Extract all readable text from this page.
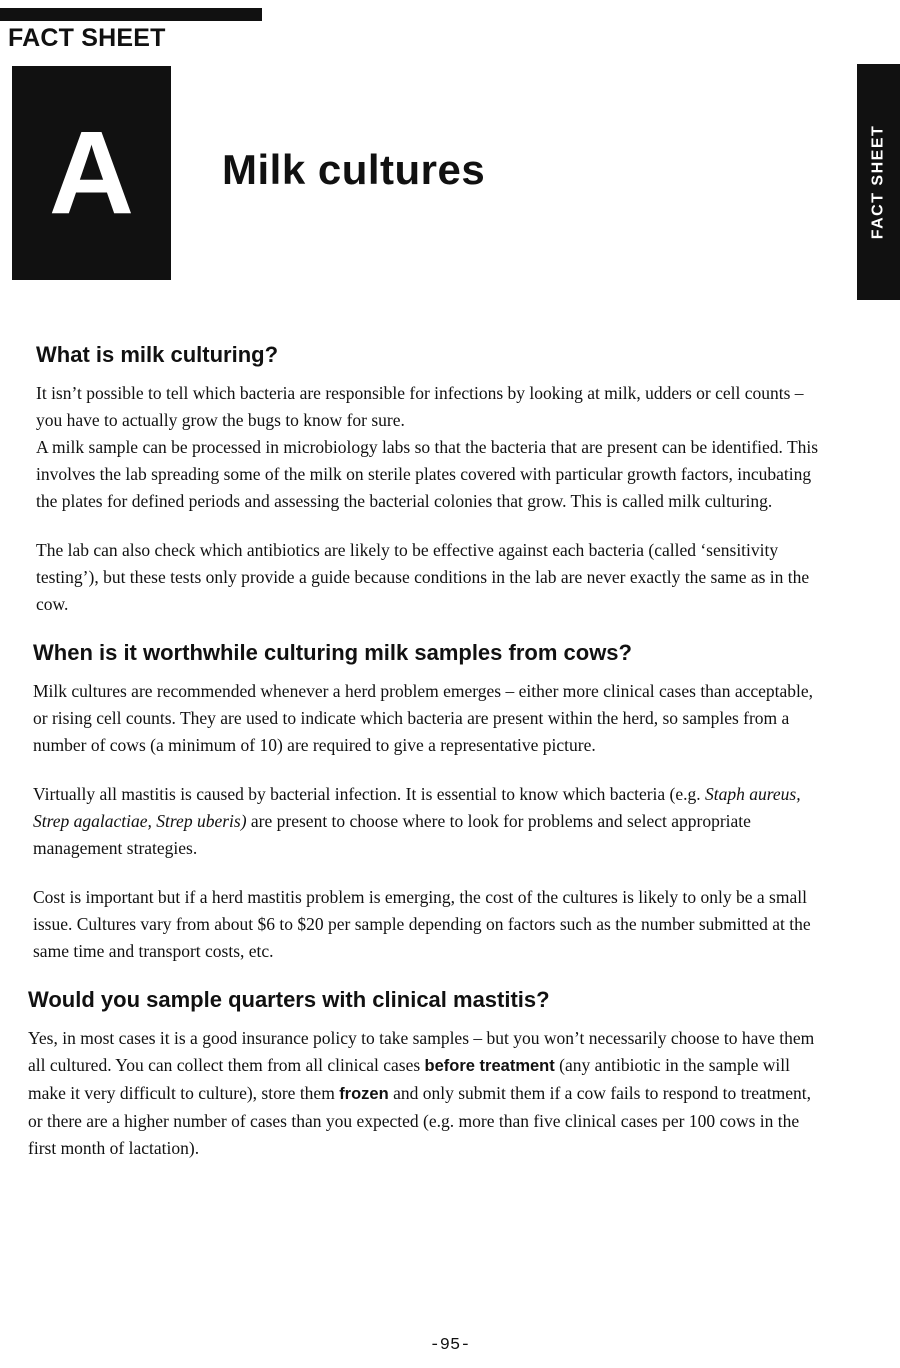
FACT SHEET
A Milk cultures	FACT SHEET
What is milk culturing?

It isn’t possible to tell which bacteria are responsible for infections by looking at milk, udders or cell counts – you have to actually grow the bugs to know for sure.
A milk sample can be processed in microbiology labs so that the bacteria that are present can be identified. This involves the lab spreading some of the milk on sterile plates covered with particular growth factors, incubating the plates for defined periods and assessing the bacterial colonies that grow. This is called milk culturing.

The lab can also check which antibiotics are likely to be effective against each bacteria (called ‘sensitivity testing’), but these tests only provide a guide because conditions in the lab are never exactly the same as in the cow.

When is it worthwhile culturing milk samples from cows?

Milk cultures are recommended whenever a herd problem emerges – either more clinical cases than acceptable, or rising cell counts. They are used to indicate which bacteria are present within the herd, so samples from a number of cows (a minimum of 10) are required to give a representative picture.

Virtually all mastitis is caused by bacterial infection. It is essential to know which bacteria (e.g. Staph aureus, Strep agalactiae, Strep uberis) are present to choose where to look for problems and select appropriate management strategies.

Cost is important but if a herd mastitis problem is emerging, the cost of the cultures is likely to only be a small issue. Cultures vary from about $6 to $20 per sample depending on factors such as the number submitted at the same time and transport costs, etc.

Would you sample quarters with clinical mastitis?

Yes, in most cases it is a good insurance policy to take samples – but you won’t necessarily choose to have them all cultured. You can collect them from all clinical cases before treatment (any antibiotic in the sample will make it very difficult to culture), store them frozen and only submit them if a cow fails to respond to treatment, or there are a higher number of cases than you expected (e.g. more than five clinical cases per 100 cows in the first month of lactation).

-95-
